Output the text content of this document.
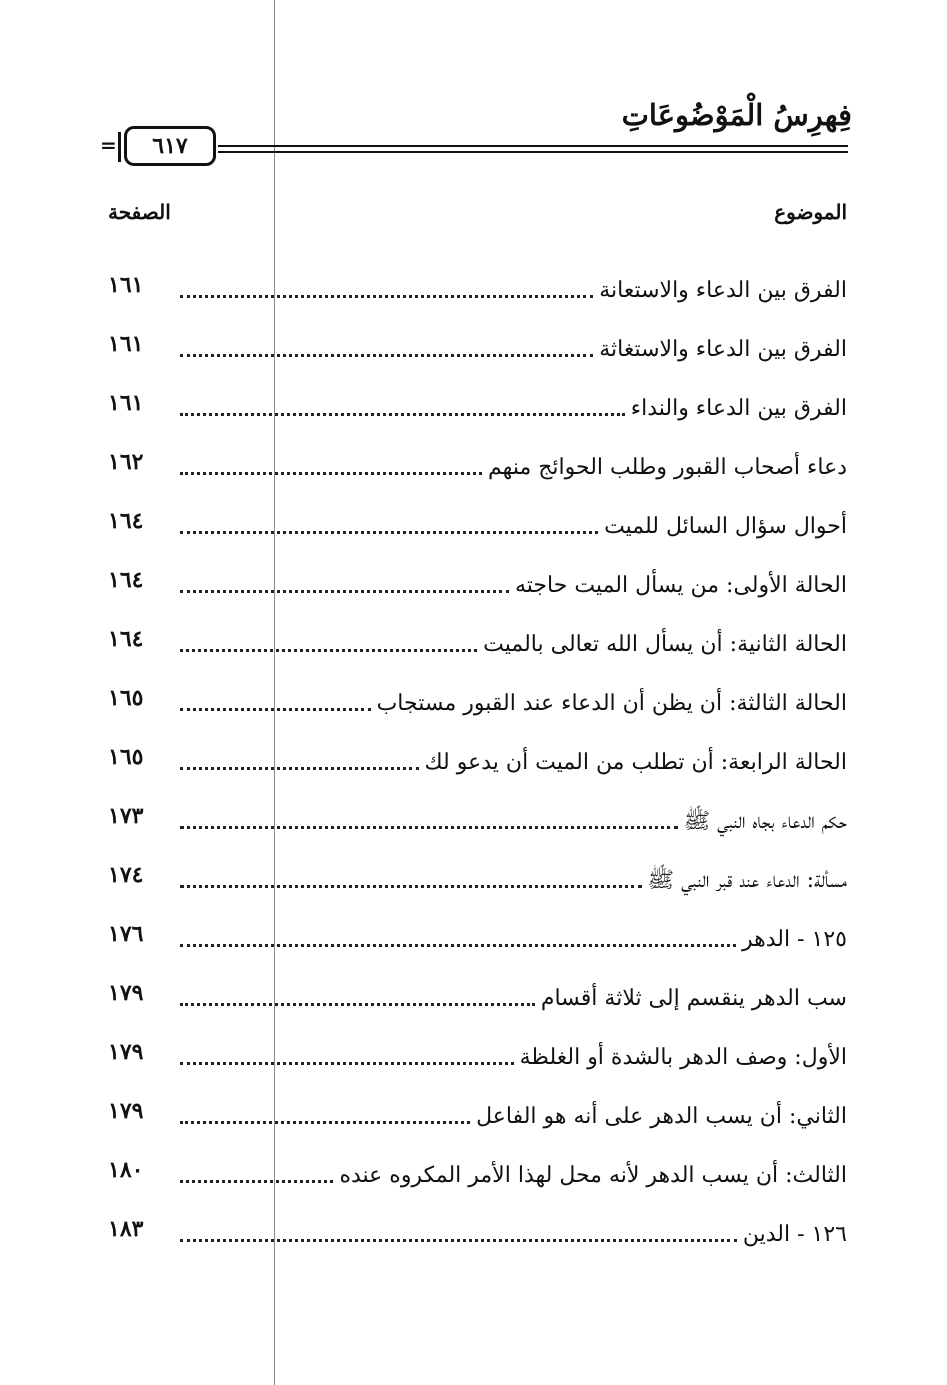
فِهرِسُ الْمَوْضُوعَاتِ
=	٦١٧
الموضوع
الصفحة
الفرق بين الدعاء والاستعانة
١٦١
الفرق بين الدعاء والاستغاثة
١٦١
الفرق بين الدعاء والنداء
١٦١
دعاء أصحاب القبور وطلب الحوائج منهم
١٦٢
أحوال سؤال السائل للميت
١٦٤
الحالة الأولى: من يسأل الميت حاجته
١٦٤
الحالة الثانية: أن يسأل الله تعالى بالميت
١٦٤
الحالة الثالثة: أن يظن أن الدعاء عند القبور مستجاب
١٦٥
الحالة الرابعة: أن تطلب من الميت أن يدعو لك
١٦٥
حكم الدعاء بجاه النبي ﷺ
١٧٣
مسألة: الدعاء عند قبر النبي ﷺ
١٧٤
١٢٥ - الدهر
١٧٦
سب الدهر ينقسم إلى ثلاثة أقسام
١٧٩
الأول: وصف الدهر بالشدة أو الغلظة
١٧٩
الثاني: أن يسب الدهر على أنه هو الفاعل
١٧٩
الثالث: أن يسب الدهر لأنه محل لهذا الأمر المكروه عنده
١٨٠
١٢٦ - الدين
١٨٣
